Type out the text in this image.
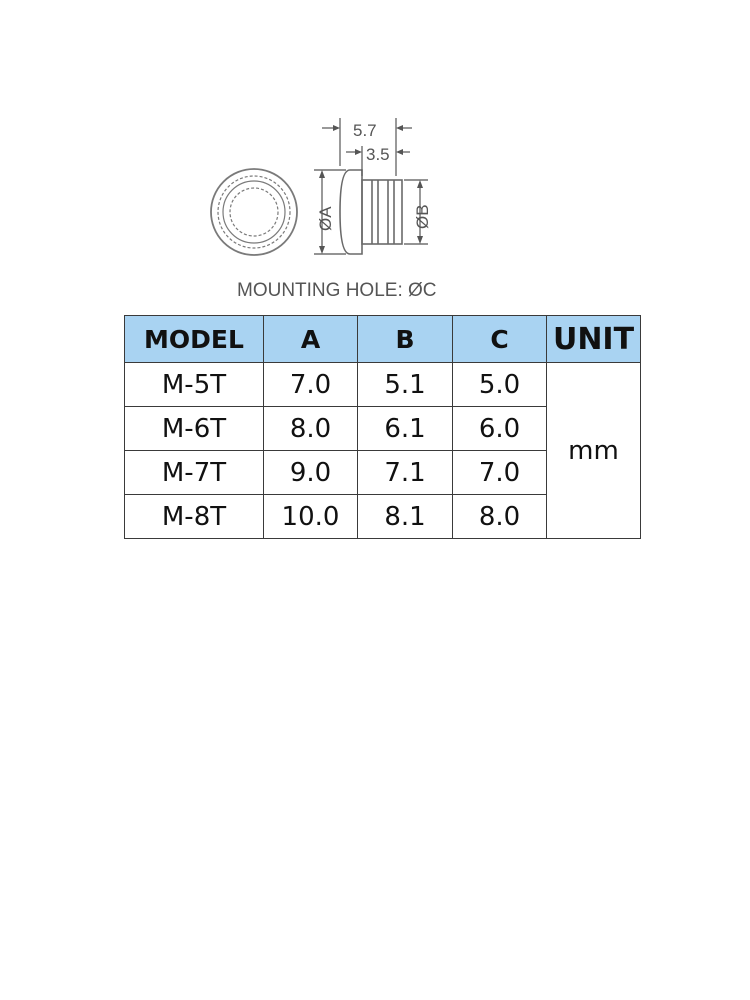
5.7
3.5
ØA	ØB
MOUNTING HOLE: ØC
MODEL	A	B	C	UNIT
M-5T	7.0	5.1	5.0	mm
M-6T	8.0	6.1	6.0	
M-7T	9.0	7.1	7.0	
M-8T	10.0	8.1	8.0	
